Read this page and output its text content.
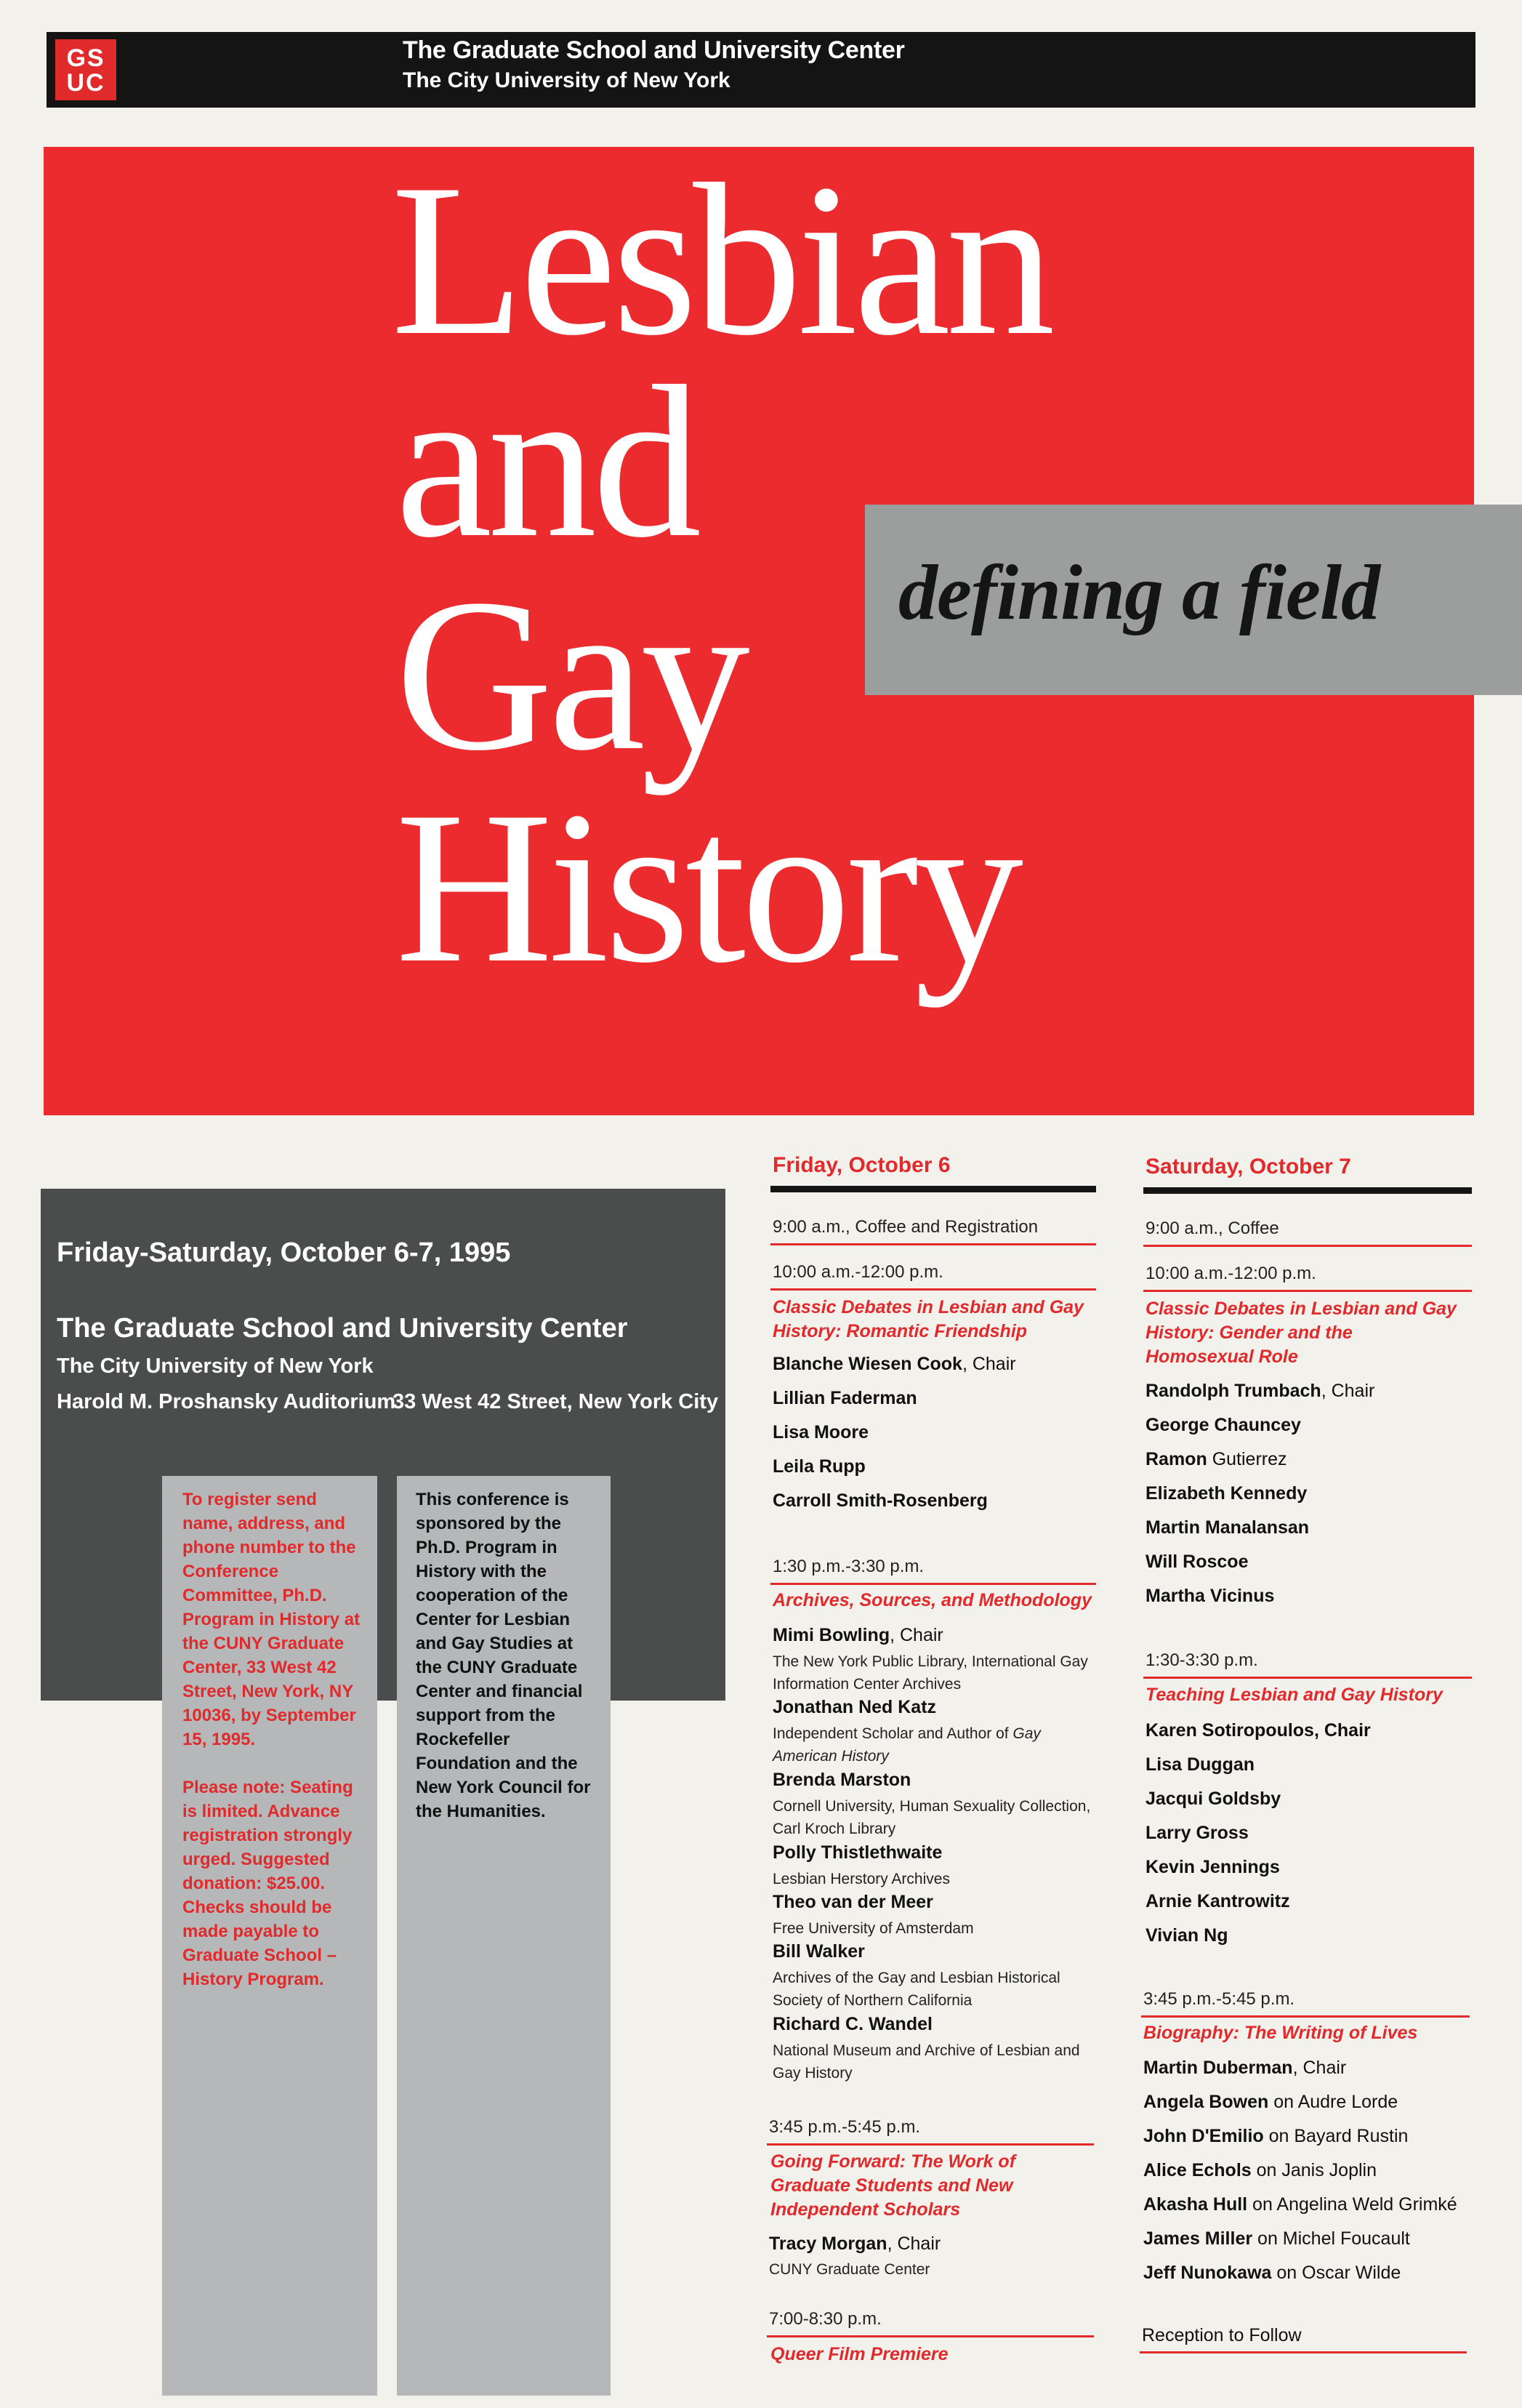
GS
UC
The Graduate School and University Center
The City University of New York
Lesbian
and
Gay
History
defining a field
Friday-Saturday, October 6-7, 1995
The Graduate School and University Center
The City University of New York
Harold M. Proshansky Auditorium
33 West 42 Street, New York City
To register send name, address, and phone number to the Conference Committee, Ph.D. Program in History at the CUNY Graduate Center, 33 West 42 Street, New York, NY 10036, by September 15, 1995.
Please note: Seating is limited. Advance registration strongly urged. Suggested donation: $25.00. Checks should be made payable to Graduate School – History Program.
This conference is sponsored by the Ph.D. Program in History with the cooperation of the Center for Lesbian and Gay Studies at the CUNY Graduate Center and financial support from the Rockefeller Foundation and the New York Council for the Humanities.
Friday, October 6
9:00 a.m., Coffee and Registration
10:00 a.m.-12:00 p.m.
Classic Debates in Lesbian and Gay History: Romantic Friendship
Blanche Wiesen Cook, Chair
Lillian Faderman
Lisa Moore
Leila Rupp
Carroll Smith-Rosenberg
1:30 p.m.-3:30 p.m.
Archives, Sources, and Methodology
Mimi Bowling, Chair
The New York Public Library, International Gay Information Center Archives
Jonathan Ned Katz
Independent Scholar and Author of Gay American History
Brenda Marston
Cornell University, Human Sexuality Collection, Carl Kroch Library
Polly Thistlethwaite
Lesbian Herstory Archives
Theo van der Meer
Free University of Amsterdam
Bill Walker
Archives of the Gay and Lesbian Historical Society of Northern California
Richard C. Wandel
National Museum and Archive of Lesbian and Gay History
3:45 p.m.-5:45 p.m.
Going Forward: The Work of Graduate Students and New Independent Scholars
Tracy Morgan, Chair
CUNY Graduate Center
7:00-8:30 p.m.
Queer Film Premiere
Saturday, October 7
9:00 a.m., Coffee
10:00 a.m.-12:00 p.m.
Classic Debates in Lesbian and Gay History: Gender and the Homosexual Role
Randolph Trumbach, Chair
George Chauncey
Ramon Gutierrez
Elizabeth Kennedy
Martin Manalansan
Will Roscoe
Martha Vicinus
1:30-3:30 p.m.
Teaching Lesbian and Gay History
Karen Sotiropoulos, Chair
Lisa Duggan
Jacqui Goldsby
Larry Gross
Kevin Jennings
Arnie Kantrowitz
Vivian Ng
3:45 p.m.-5:45 p.m.
Biography: The Writing of Lives
Martin Duberman, Chair
Angela Bowen on Audre Lorde
John D'Emilio on Bayard Rustin
Alice Echols on Janis Joplin
Akasha Hull on Angelina Weld Grimké
James Miller on Michel Foucault
Jeff Nunokawa on Oscar Wilde
Reception to Follow
